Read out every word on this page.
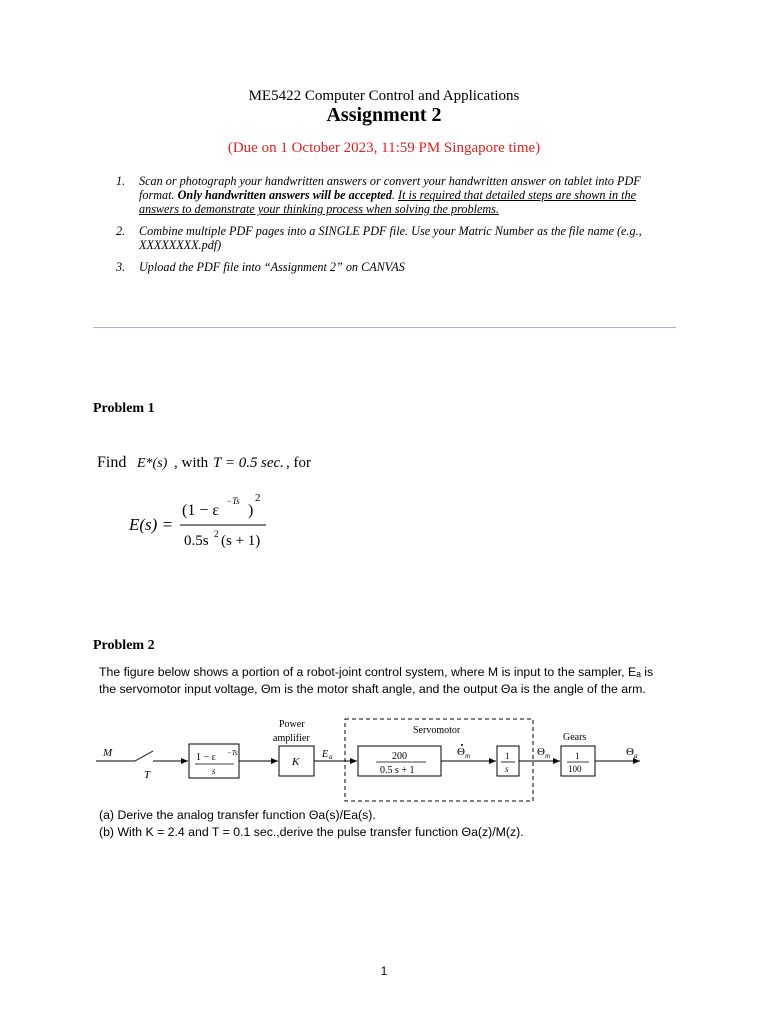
ME5422 Computer Control and Applications
Assignment 2
(Due on 1 October 2023, 11:59 PM Singapore time)
1. Scan or photograph your handwritten answers or convert your handwritten answer on tablet into PDF format. Only handwritten answers will be accepted. It is required that detailed steps are shown in the answers to demonstrate your thinking process when solving the problems.
2. Combine multiple PDF pages into a SINGLE PDF file. Use your Matric Number as the file name (e.g., XXXXXXXX.pdf)
3. Upload the PDF file into “Assignment 2” on CANVAS
Problem 1
Find E*(s) , with T = 0.5 sec. , for
E(s) =
(1 − ε
−Ts
)
2
0.5s 2 (s + 1)
Problem 2
The figure below shows a portion of a robot-joint control system, where M is input to the sampler, Eₐ is
the servomotor input voltage, Θm is the motor shaft angle, and the output Θa is the angle of the arm.
Servomotor
Power
amplifier	Gears
M
T
1 − ε −Ts
s
K
E a	200
0.5 s + 1
Θ m	1
s
Θ m	1
100
Θ a
(a) Derive the analog transfer function Θa(s)/Ea(s).
(b) With K = 2.4 and T = 0.1 sec.,derive the pulse transfer function Θa(z)/M(z).
1
